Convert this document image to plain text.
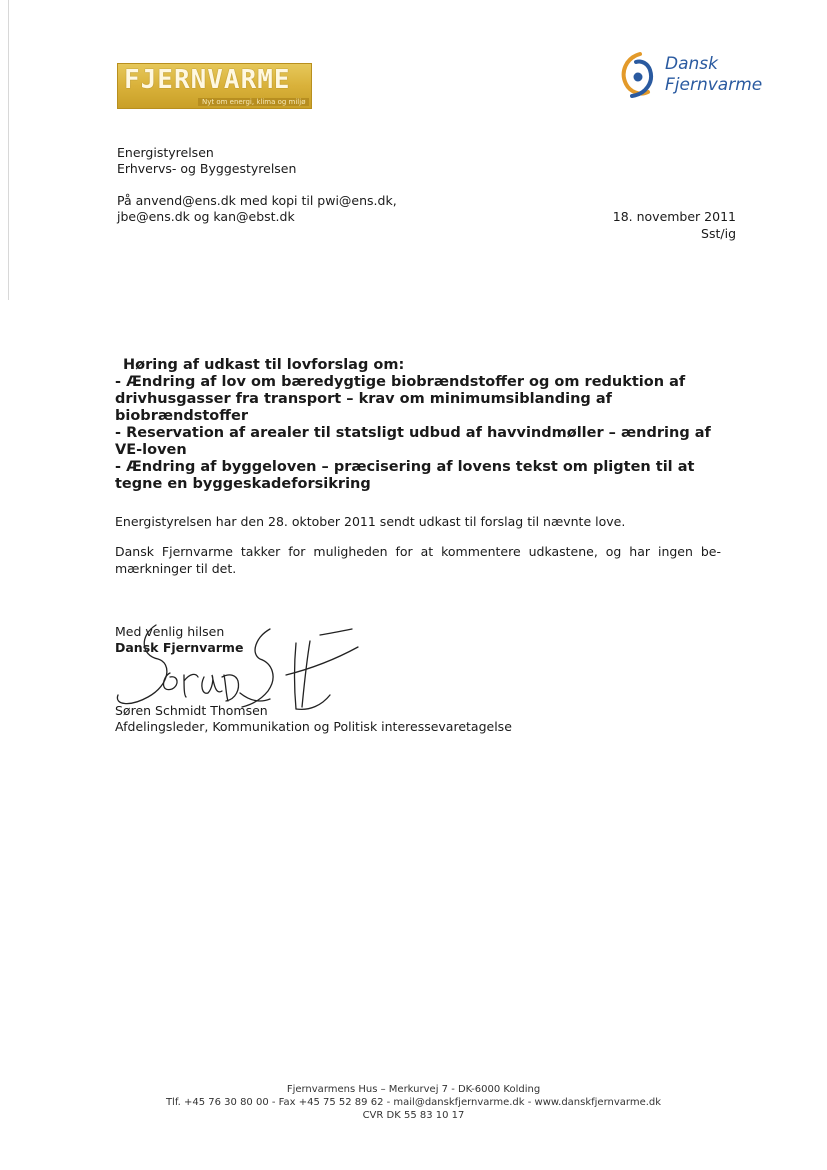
FJERNVARME
Nyt om energi, klima og miljø
Dansk
Fjernvarme
Energistyrelsen
Erhvervs- og Byggestyrelsen
På anvend@ens.dk med kopi til pwi@ens.dk,
jbe@ens.dk og kan@ebst.dk	18. november 2011
Sst/ig
Høring af udkast til lovforslag om:
- Ændring af lov om bæredygtige biobrændstoffer og om reduktion af
drivhusgasser fra transport – krav om minimumsiblanding af
biobrændstoffer
- Reservation af arealer til statsligt udbud af havvindmøller – ændring af
VE-loven
- Ændring af byggeloven – præcisering af lovens tekst om pligten til at
tegne en byggeskadeforsikring
Energistyrelsen har den 28. oktober 2011 sendt udkast til forslag til nævnte love.
Dansk Fjernvarme takker for muligheden for at kommentere udkastene, og har ingen be-
mærkninger til det.
Med venlig hilsen
Dansk Fjernvarme
Søren Schmidt Thomsen
Afdelingsleder, Kommunikation og Politisk interessevaretagelse
Fjernvarmens Hus – Merkurvej 7 - DK-6000 Kolding
Tlf. +45 76 30 80 00 - Fax +45 75 52 89 62 - mail@danskfjernvarme.dk - www.danskfjernvarme.dk
CVR DK 55 83 10 17
